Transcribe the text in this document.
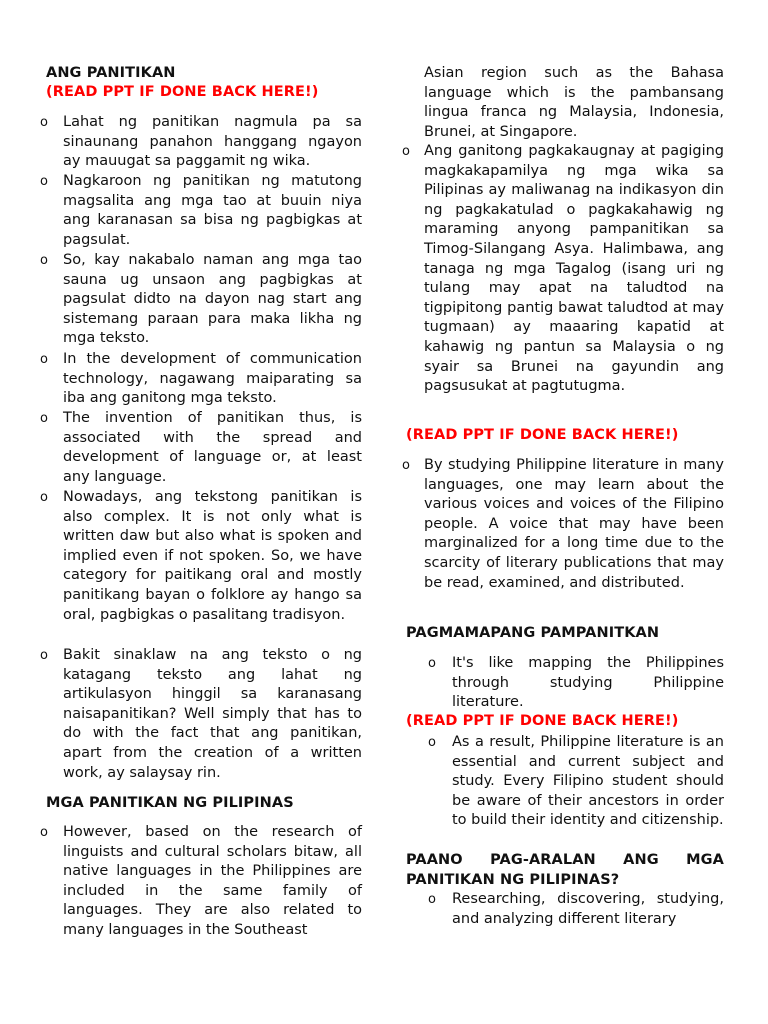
ANG PANITIKAN
(READ PPT IF DONE BACK HERE!)
o Lahat ng panitikan nagmula pa sa sinaunang panahon hanggang ngayon ay mauugat sa paggamit ng wika.
o Nagkaroon ng panitikan ng matutong magsalita ang mga tao at buuin niya ang karanasan sa bisa ng pagbigkas at pagsulat.
o So, kay nakabalo naman ang mga tao sauna ug unsaon ang pagbigkas at pagsulat didto na dayon nag start ang sistemang paraan para maka likha ng mga teksto.
o In the development of communication technology, nagawang maiparating sa iba ang ganitong mga teksto.
o The invention of panitikan thus, is associated with the spread and development of language or, at least any language.
o Nowadays, ang tekstong panitikan is also complex. It is not only what is written daw but also what is spoken and implied even if not spoken. So, we have category for paitikang oral and mostly panitikang bayan o folklore ay hango sa oral, pagbigkas o pasalitang tradisyon.
o Bakit sinaklaw na ang teksto o ng katagang teksto ang lahat ng artikulasyon hinggil sa karanasang naisapanitikan? Well simply that has to do with the fact that ang panitikan, apart from the creation of a written work, ay salaysay rin.
MGA PANITIKAN NG PILIPINAS
o However, based on the research of linguists and cultural scholars bitaw, all native languages in the Philippines are included in the same family of languages. They are also related to many languages in the Southeast
Asian region such as the Bahasa language which is the pambansang lingua franca ng Malaysia, Indonesia, Brunei, at Singapore.
o Ang ganitong pagkakaugnay at pagiging magkakapamilya ng mga wika sa Pilipinas ay maliwanag na indikasyon din ng pagkakatulad o pagkakahawig ng maraming anyong pampanitikan sa Timog-Silangang Asya. Halimbawa, ang tanaga ng mga Tagalog (isang uri ng tulang may apat na taludtod na tigpipitong pantig bawat taludtod at may tugmaan) ay maaaring kapatid at kahawig ng pantun sa Malaysia o ng syair sa Brunei na gayundin ang pagsusukat at pagtutugma.
(READ PPT IF DONE BACK HERE!)
o By studying Philippine literature in many languages, one may learn about the various voices and voices of the Filipino people. A voice that may have been marginalized for a long time due to the scarcity of literary publications that may be read, examined, and distributed.
PAGMAMAPANG PAMPANITKAN
o It's like mapping the Philippines through studying Philippine literature.
(READ PPT IF DONE BACK HERE!)
o As a result, Philippine literature is an essential and current subject and study. Every Filipino student should be aware of their ancestors in order to build their identity and citizenship.
PAANO PAG-ARALAN ANG MGA PANITIKAN NG PILIPINAS?
o Researching, discovering, studying, and analyzing different literary
